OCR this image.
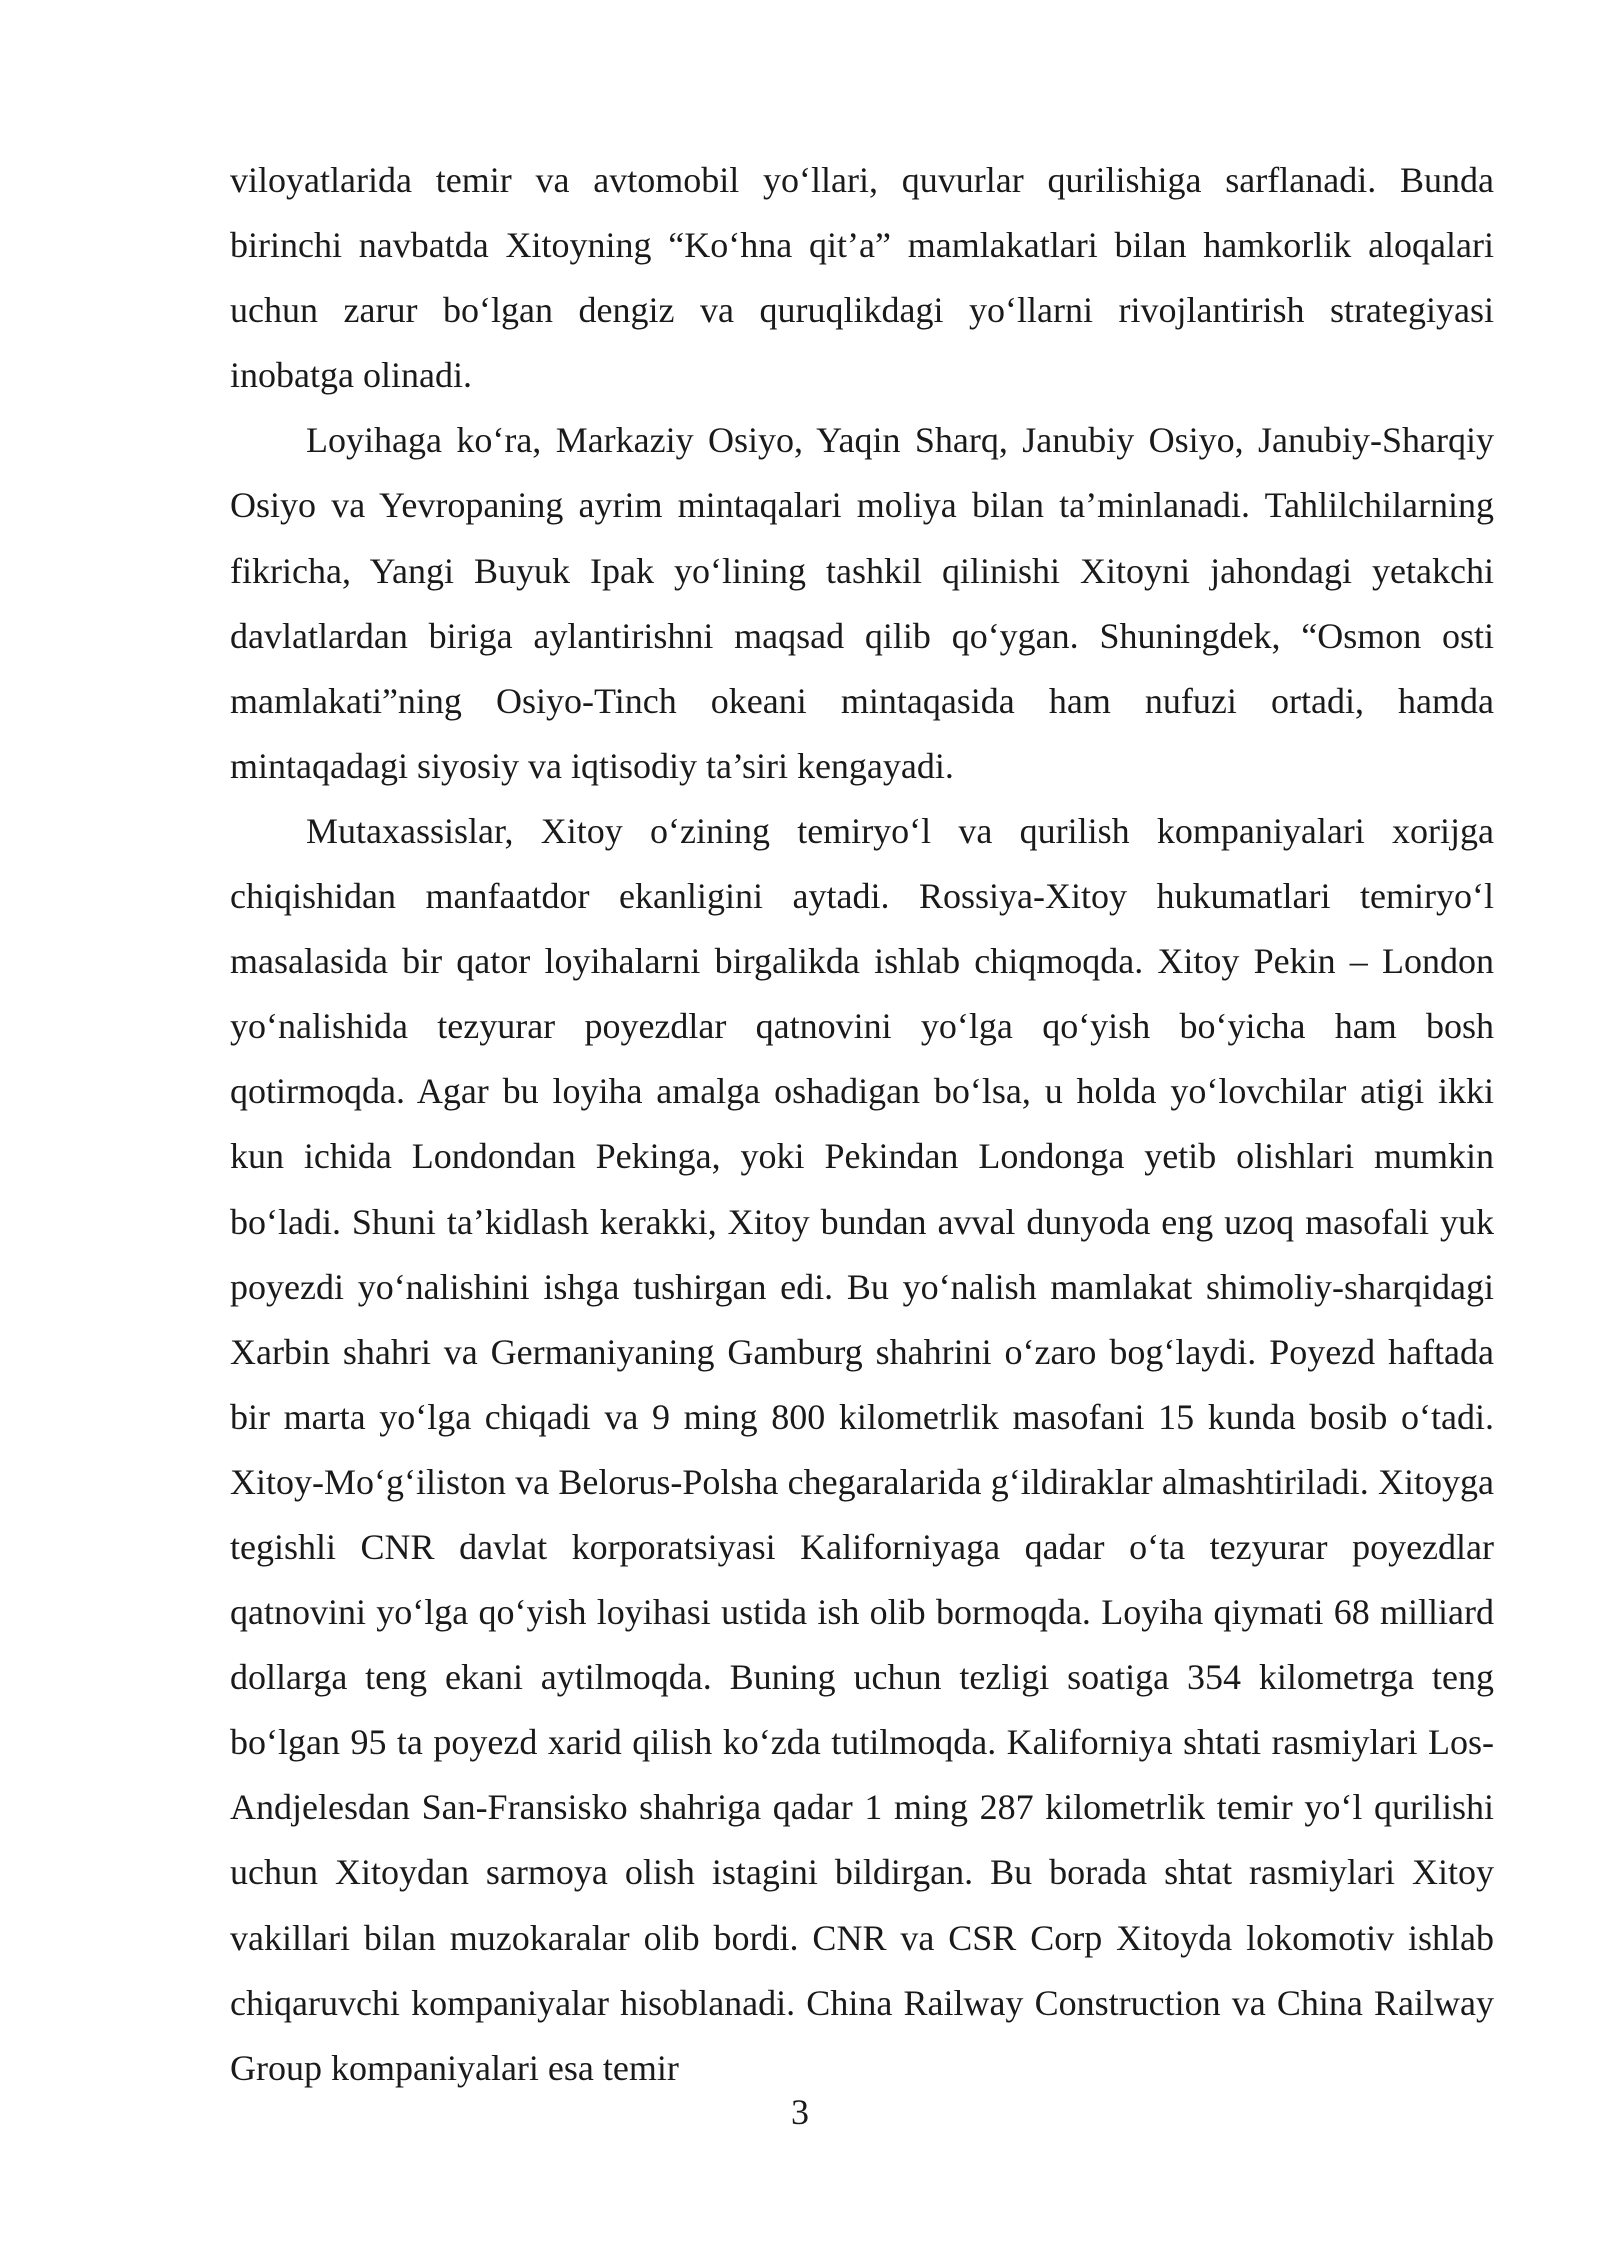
viloyatlarida temir va avtomobil yo‘llari, quvurlar qurilishiga sarflanadi. Bunda birinchi navbatda Xitoyning “Ko‘hna qit’a” mamlakatlari bilan hamkorlik aloqalari uchun zarur bo‘lgan dengiz va quruqlikdagi yo‘llarni rivojlantirish strategiyasi inobatga olinadi.

Loyihaga ko‘ra, Markaziy Osiyo, Yaqin Sharq, Janubiy Osiyo, Janubiy-Sharqiy Osiyo va Yevropaning ayrim mintaqalari moliya bilan ta’minlanadi. Tahlilchilarning fikricha, Yangi Buyuk Ipak yo‘lining tashkil qilinishi Xitoyni jahondagi yetakchi davlatlardan biriga aylantirishni maqsad qilib qo‘ygan. Shuningdek, “Osmon osti mamlakati”ning Osiyo-Tinch okeani mintaqasida ham nufuzi ortadi, hamda mintaqadagi siyosiy va iqtisodiy ta’siri kengayadi.

Mutaxassislar, Xitoy o‘zining temiryo‘l va qurilish kompaniyalari xorijga chiqishidan manfaatdor ekanligini aytadi. Rossiya-Xitoy hukumatlari temiryo‘l masalasida bir qator loyihalarni birgalikda ishlab chiqmoqda. Xitoy Pekin – London yo‘nalishida tezyurar poyezdlar qatnovini yo‘lga qo‘yish bo‘yicha ham bosh qotirmoqda. Agar bu loyiha amalga oshadigan bo‘lsa, u holda yo‘lovchilar atigi ikki kun ichida Londondan Pekinga, yoki Pekindan Londonga yetib olishlari mumkin bo‘ladi. Shuni ta’kidlash kerakki, Xitoy bundan avval dunyoda eng uzoq masofali yuk poyezdi yo‘nalishini ishga tushirgan edi. Bu yo‘nalish mamlakat shimoliy-sharqidagi Xarbin shahri va Germaniyaning Gamburg shahrini o‘zaro bog‘laydi. Poyezd haftada bir marta yo‘lga chiqadi va 9 ming 800 kilometrlik masofani 15 kunda bosib o‘tadi. Xitoy-Mo‘g‘iliston va Belorus-Polsha chegaralarida g‘ildiraklar almashtiriladi. Xitoyga tegishli CNR davlat korporatsiyasi Kaliforniyaga qadar o‘ta tezyurar poyezdlar qatnovini yo‘lga qo‘yish loyihasi ustida ish olib bormoqda. Loyiha qiymati 68 milliard dollarga teng ekani aytilmoqda. Buning uchun tezligi soatiga 354 kilometrga teng bo‘lgan 95 ta poyezd xarid qilish ko‘zda tutilmoqda. Kaliforniya shtati rasmiylari Los-Andjelesdan San-Fransisko shahriga qadar 1 ming 287 kilometrlik temir yo‘l qurilishi uchun Xitoydan sarmoya olish istagini bildirgan. Bu borada shtat rasmiylari Xitoy vakillari bilan muzokaralar olib bordi. CNR va CSR Corp Xitoyda lokomotiv ishlab chiqaruvchi kompaniyalar hisoblanadi. China Railway Construction va China Railway Group kompaniyalari esa temir

3
